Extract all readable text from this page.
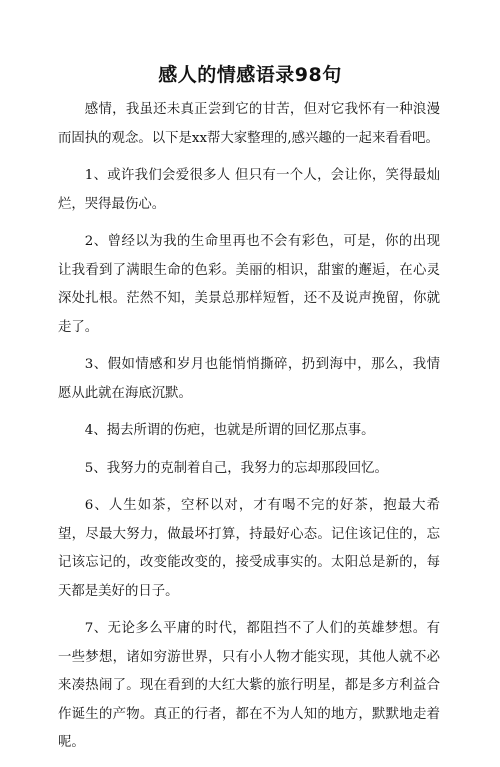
感人的情感语录98句

感情，我虽还未真正尝到它的甘苦，但对它我怀有一种浪漫而固执的观念。以下是xx帮大家整理的,感兴趣的一起来看看吧。

1、或许我们会爱很多人 但只有一个人，会让你，笑得最灿烂，哭得最伤心。

2、曾经以为我的生命里再也不会有彩色，可是，你的出现让我看到了满眼生命的色彩。美丽的相识，甜蜜的邂逅，在心灵深处扎根。茫然不知，美景总那样短暂，还不及说声挽留，你就走了。

3、假如情感和岁月也能悄悄撕碎，扔到海中，那么，我情愿从此就在海底沉默。

4、揭去所谓的伤疤，也就是所谓的回忆那点事。

5、我努力的克制着自己，我努力的忘却那段回忆。

6、人生如茶，空杯以对，才有喝不完的好茶，抱最大希望，尽最大努力，做最坏打算，持最好心态。记住该记住的，忘记该忘记的，改变能改变的，接受成事实的。太阳总是新的，每天都是美好的日子。

7、无论多么平庸的时代，都阻挡不了人们的英雄梦想。有一些梦想，诸如穷游世界，只有小人物才能实现，其他人就不必来凑热闹了。现在看到的大红大紫的旅行明星，都是多方利益合作诞生的产物。真正的行者，都在不为人知的地方，默默地走着呢。
